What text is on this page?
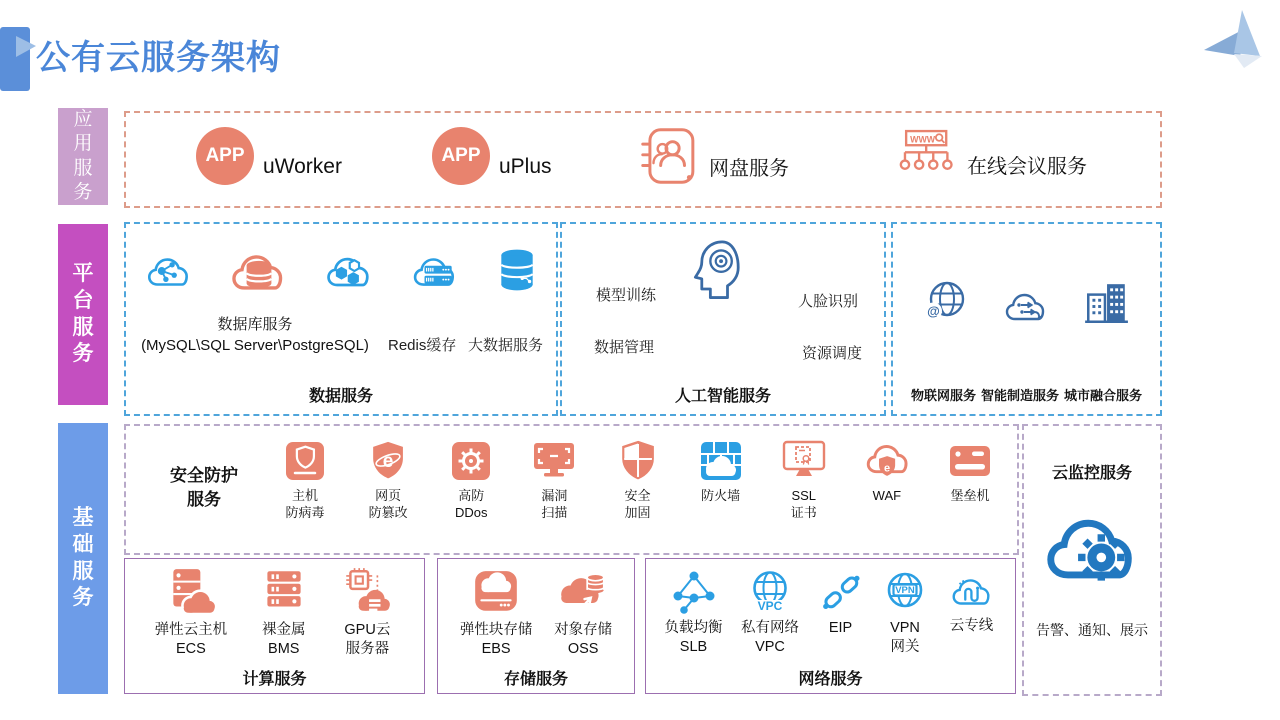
公有云服务架构
应用服务
平台服务
基础服务
APP uWorker	APP uPlus	网盘服务
WWW
在线会议服务
数据库服务
(MySQL\SQL Server\PostgreSQL)	Redis缓存 大数据服务
数据服务
模型训练	人脸识别
数据管理	资源调度
人工智能服务
@
物联网服务 智能制造服务 城市融合服务
安全防护
服务	主机
防病毒
e
网页
防篡改
高防
DDos
漏洞
扫描
安全
加固
防火墙	SSL
证书
e
WAF	堡垒机
弹性云主机
ECS
裸金属
BMS
GPU云
服务器
计算服务
弹性块存储
EBS
对象存储
OSS
存储服务
负载均衡
SLB
VPC
私有网络
VPC
EIP
VPN
VPN
网关
云专线
网络服务
云监控服务
告警、通知、展示
